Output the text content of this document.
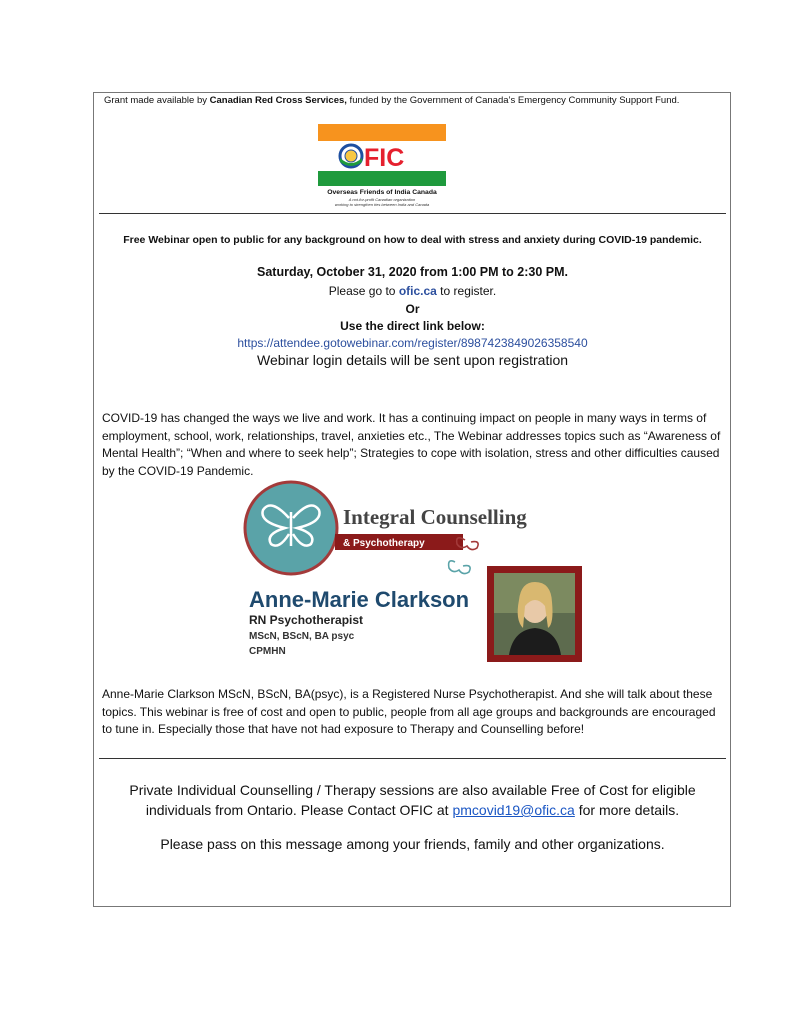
Grant made available by Canadian Red Cross Services, funded by the Government of Canada’s Emergency Community Support Fund.
FIC
Overseas Friends of India Canada
A not-for-profit Canadian organization
working to strengthen ties between India and Canada
Free Webinar open to public for any background on how to deal with stress and anxiety during COVID-19 pandemic.
Saturday, October 31, 2020 from 1:00 PM to 2:30 PM.
Please go to ofic.ca to register.
Or
Use the direct link below:
https://attendee.gotowebinar.com/register/8987423849026358540
Webinar login details will be sent upon registration
COVID-19 has changed the ways we live and work. It has a continuing impact on people in many ways in terms of employment, school, work, relationships, travel, anxieties etc., The Webinar addresses topics such as “Awareness of Mental Health”; “When and where to seek help”; Strategies to cope with isolation, stress and other difficulties caused by the COVID-19 Pandemic.
Integral Counselling
& Psychotherapy
Anne-Marie Clarkson
RN Psychotherapist
MScN, BScN, BA psyc
CPMHN
Anne-Marie Clarkson MScN, BScN, BA(psyc), is a Registered Nurse Psychotherapist. And she will talk about these topics. This webinar is free of cost and open to public, people from all age groups and backgrounds are encouraged to tune in. Especially those that have not had exposure to Therapy and Counselling before!
Private Individual Counselling / Therapy sessions are also available Free of Cost for eligible
individuals from Ontario. Please Contact OFIC at pmcovid19@ofic.ca for more details.
Please pass on this message among your friends, family and other organizations.
